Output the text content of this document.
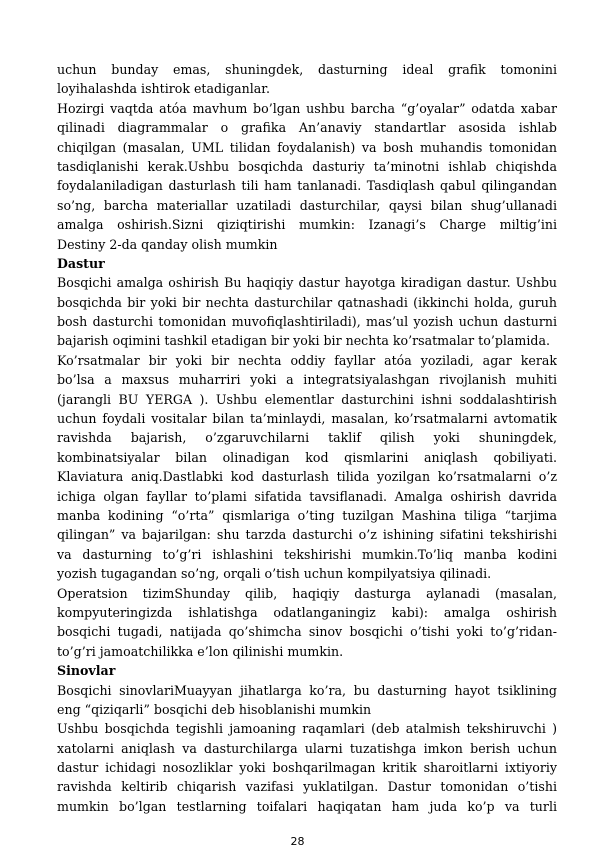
uchun bunday emas, shuningdek, dasturning ideal grafik tomonini
loyihalashda ishtirok etadiganlar.
Hozirgi vaqtda atóa mavhum bo’lgan ushbu barcha “g’oyalar” odatda xabar
qilinadi diagrammalar o grafika An’anaviy standartlar asosida ishlab
chiqilgan (masalan, UML tilidan foydalanish) va bosh muhandis tomonidan
tasdiqlanishi kerak.Ushbu bosqichda dasturiy ta’minotni ishlab chiqishda
foydalaniladigan dasturlash tili ham tanlanadi. Tasdiqlash qabul qilingandan
so’ng, barcha materiallar uzatiladi dasturchilar, qaysi bilan shug’ullanadi
amalga oshirish.Sizni qiziqtirishi mumkin: Izanagi’s Charge miltig’ini
Destiny 2-da qanday olish mumkin
Dastur
Bosqichi amalga oshirish Bu haqiqiy dastur hayotga kiradigan dastur. Ushbu
bosqichda bir yoki bir nechta dasturchilar qatnashadi (ikkinchi holda, guruh
bosh dasturchi tomonidan muvofiqlashtiriladi), mas’ul yozish uchun dasturni
bajarish oqimini tashkil etadigan bir yoki bir nechta ko’rsatmalar to’plamida.
Ko’rsatmalar bir yoki bir nechta oddiy fayllar atóa yoziladi, agar kerak
bo’lsa a maxsus muharriri yoki a integratsiyalashgan rivojlanish muhiti
(jarangli BU YERGA ). Ushbu elementlar dasturchini ishni soddalashtirish
uchun foydali vositalar bilan ta’minlaydi, masalan, ko’rsatmalarni avtomatik
ravishda bajarish, o’zgaruvchilarni taklif qilish yoki shuningdek,
kombinatsiyalar bilan olinadigan kod qismlarini aniqlash qobiliyati.
Klaviatura aniq.Dastlabki kod dasturlash tilida yozilgan ko’rsatmalarni o’z
ichiga olgan fayllar to’plami sifatida tavsiflanadi. Amalga oshirish davrida
manba kodining “o’rta” qismlariga o’ting tuzilgan Mashina tiliga “tarjima
qilingan” va bajarilgan: shu tarzda dasturchi o’z ishining sifatini tekshirishi
va dasturning to’g’ri ishlashini tekshirishi mumkin.To’liq manba kodini
yozish tugagandan so’ng, orqali o’tish uchun kompilyatsiya qilinadi.
Operatsion tizimShunday qilib, haqiqiy dasturga aylanadi (masalan,
kompyuteringizda ishlatishga odatlanganingiz kabi): amalga oshirish
bosqichi tugadi, natijada qo’shimcha sinov bosqichi o’tishi yoki to’g’ridan-
to’g’ri jamoatchilikka e’lon qilinishi mumkin.
Sinovlar
Bosqichi sinovlariMuayyan jihatlarga ko’ra, bu dasturning hayot tsiklining
eng “qiziqarli” bosqichi deb hisoblanishi mumkin
Ushbu bosqichda tegishli jamoaning raqamlari (deb atalmish tekshiruvchi )
xatolarni aniqlash va dasturchilarga ularni tuzatishga imkon berish uchun
dastur ichidagi nosozliklar yoki boshqarilmagan kritik sharoitlarni ixtiyoriy
ravishda keltirib chiqarish vazifasi yuklatilgan. Dastur tomonidan o’tishi
mumkin bo’lgan testlarning toifalari haqiqatan ham juda ko’p va turli
28
